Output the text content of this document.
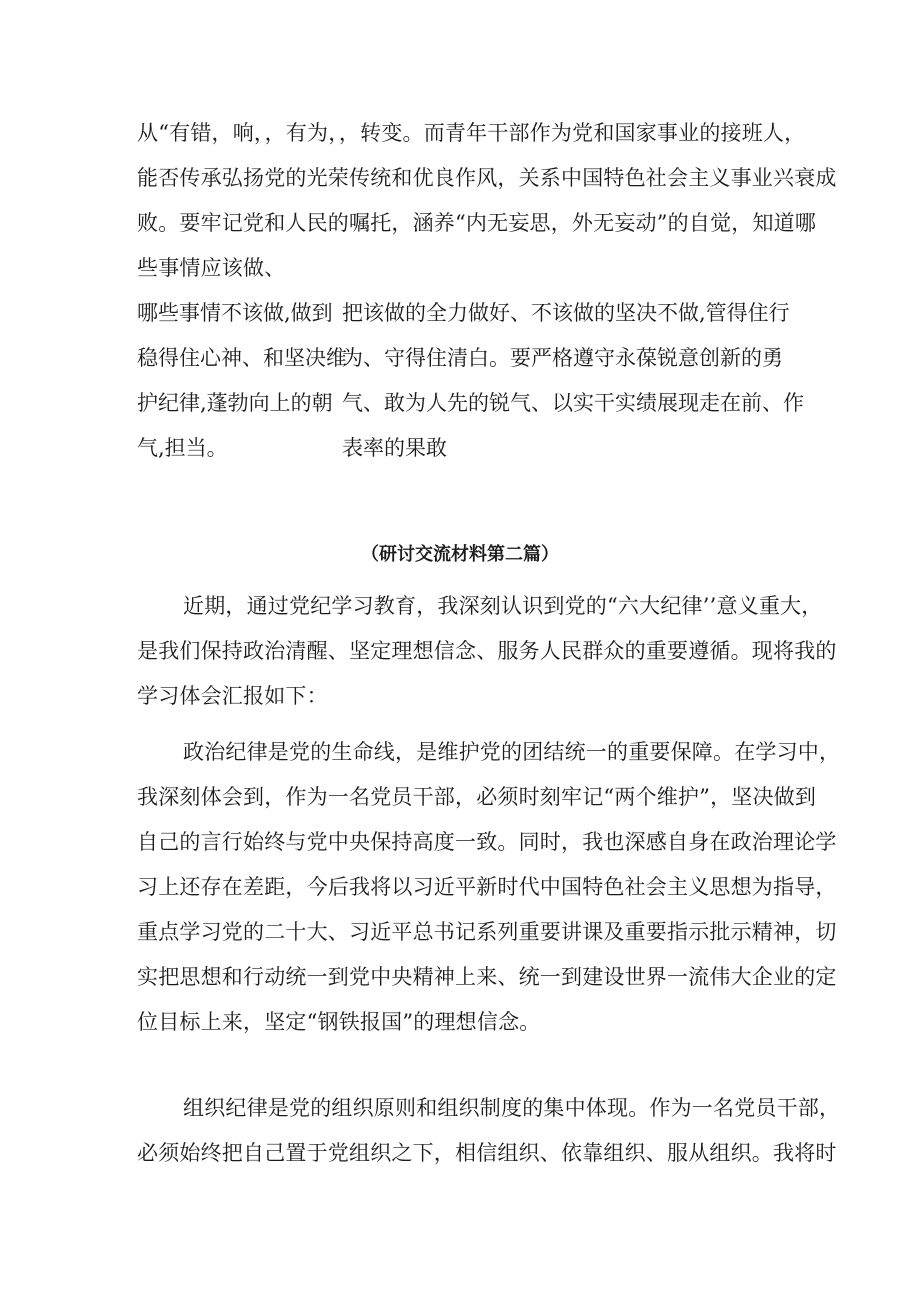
从“有错，响，，有为，，转变。而青年干部作为党和国家事业的接班人，
能否传承弘扬党的光荣传统和优良作风，关系中国特色社会主义事业兴衰成
败。要牢记党和人民的嘱托，涵养“内无妄思，外无妄动”的自觉，知道哪
些事情应该做、
哪些事情不该做,做到
稳得住心神、和坚决维
护纪律,蓬勃向上的朝
气,担当。
把该做的全力做好、不该做的坚决不做,管得住行
为、守得住清白。要严格遵守永葆锐意创新的勇
气、敢为人先的锐气、以实干实绩展现走在前、作
表率的果敢
（研讨交流材料第二篇）
近期，通过党纪学习教育，我深刻认识到党的“六大纪律’’意义重大，
是我们保持政治清醒、坚定理想信念、服务人民群众的重要遵循。现将我的
学习体会汇报如下：
政治纪律是党的生命线，是维护党的团结统一的重要保障。在学习中，
我深刻体会到，作为一名党员干部，必须时刻牢记“两个维护”，坚决做到
自己的言行始终与党中央保持高度一致。同时，我也深感自身在政治理论学
习上还存在差距，今后我将以习近平新时代中国特色社会主义思想为指导，
重点学习党的二十大、习近平总书记系列重要讲课及重要指示批示精神，切
实把思想和行动统一到党中央精神上来、统一到建设世界一流伟大企业的定
位目标上来，坚定“钢铁报国”的理想信念。
组织纪律是党的组织原则和组织制度的集中体现。作为一名党员干部，
必须始终把自己置于党组织之下，相信组织、依靠组织、服从组织。我将时
